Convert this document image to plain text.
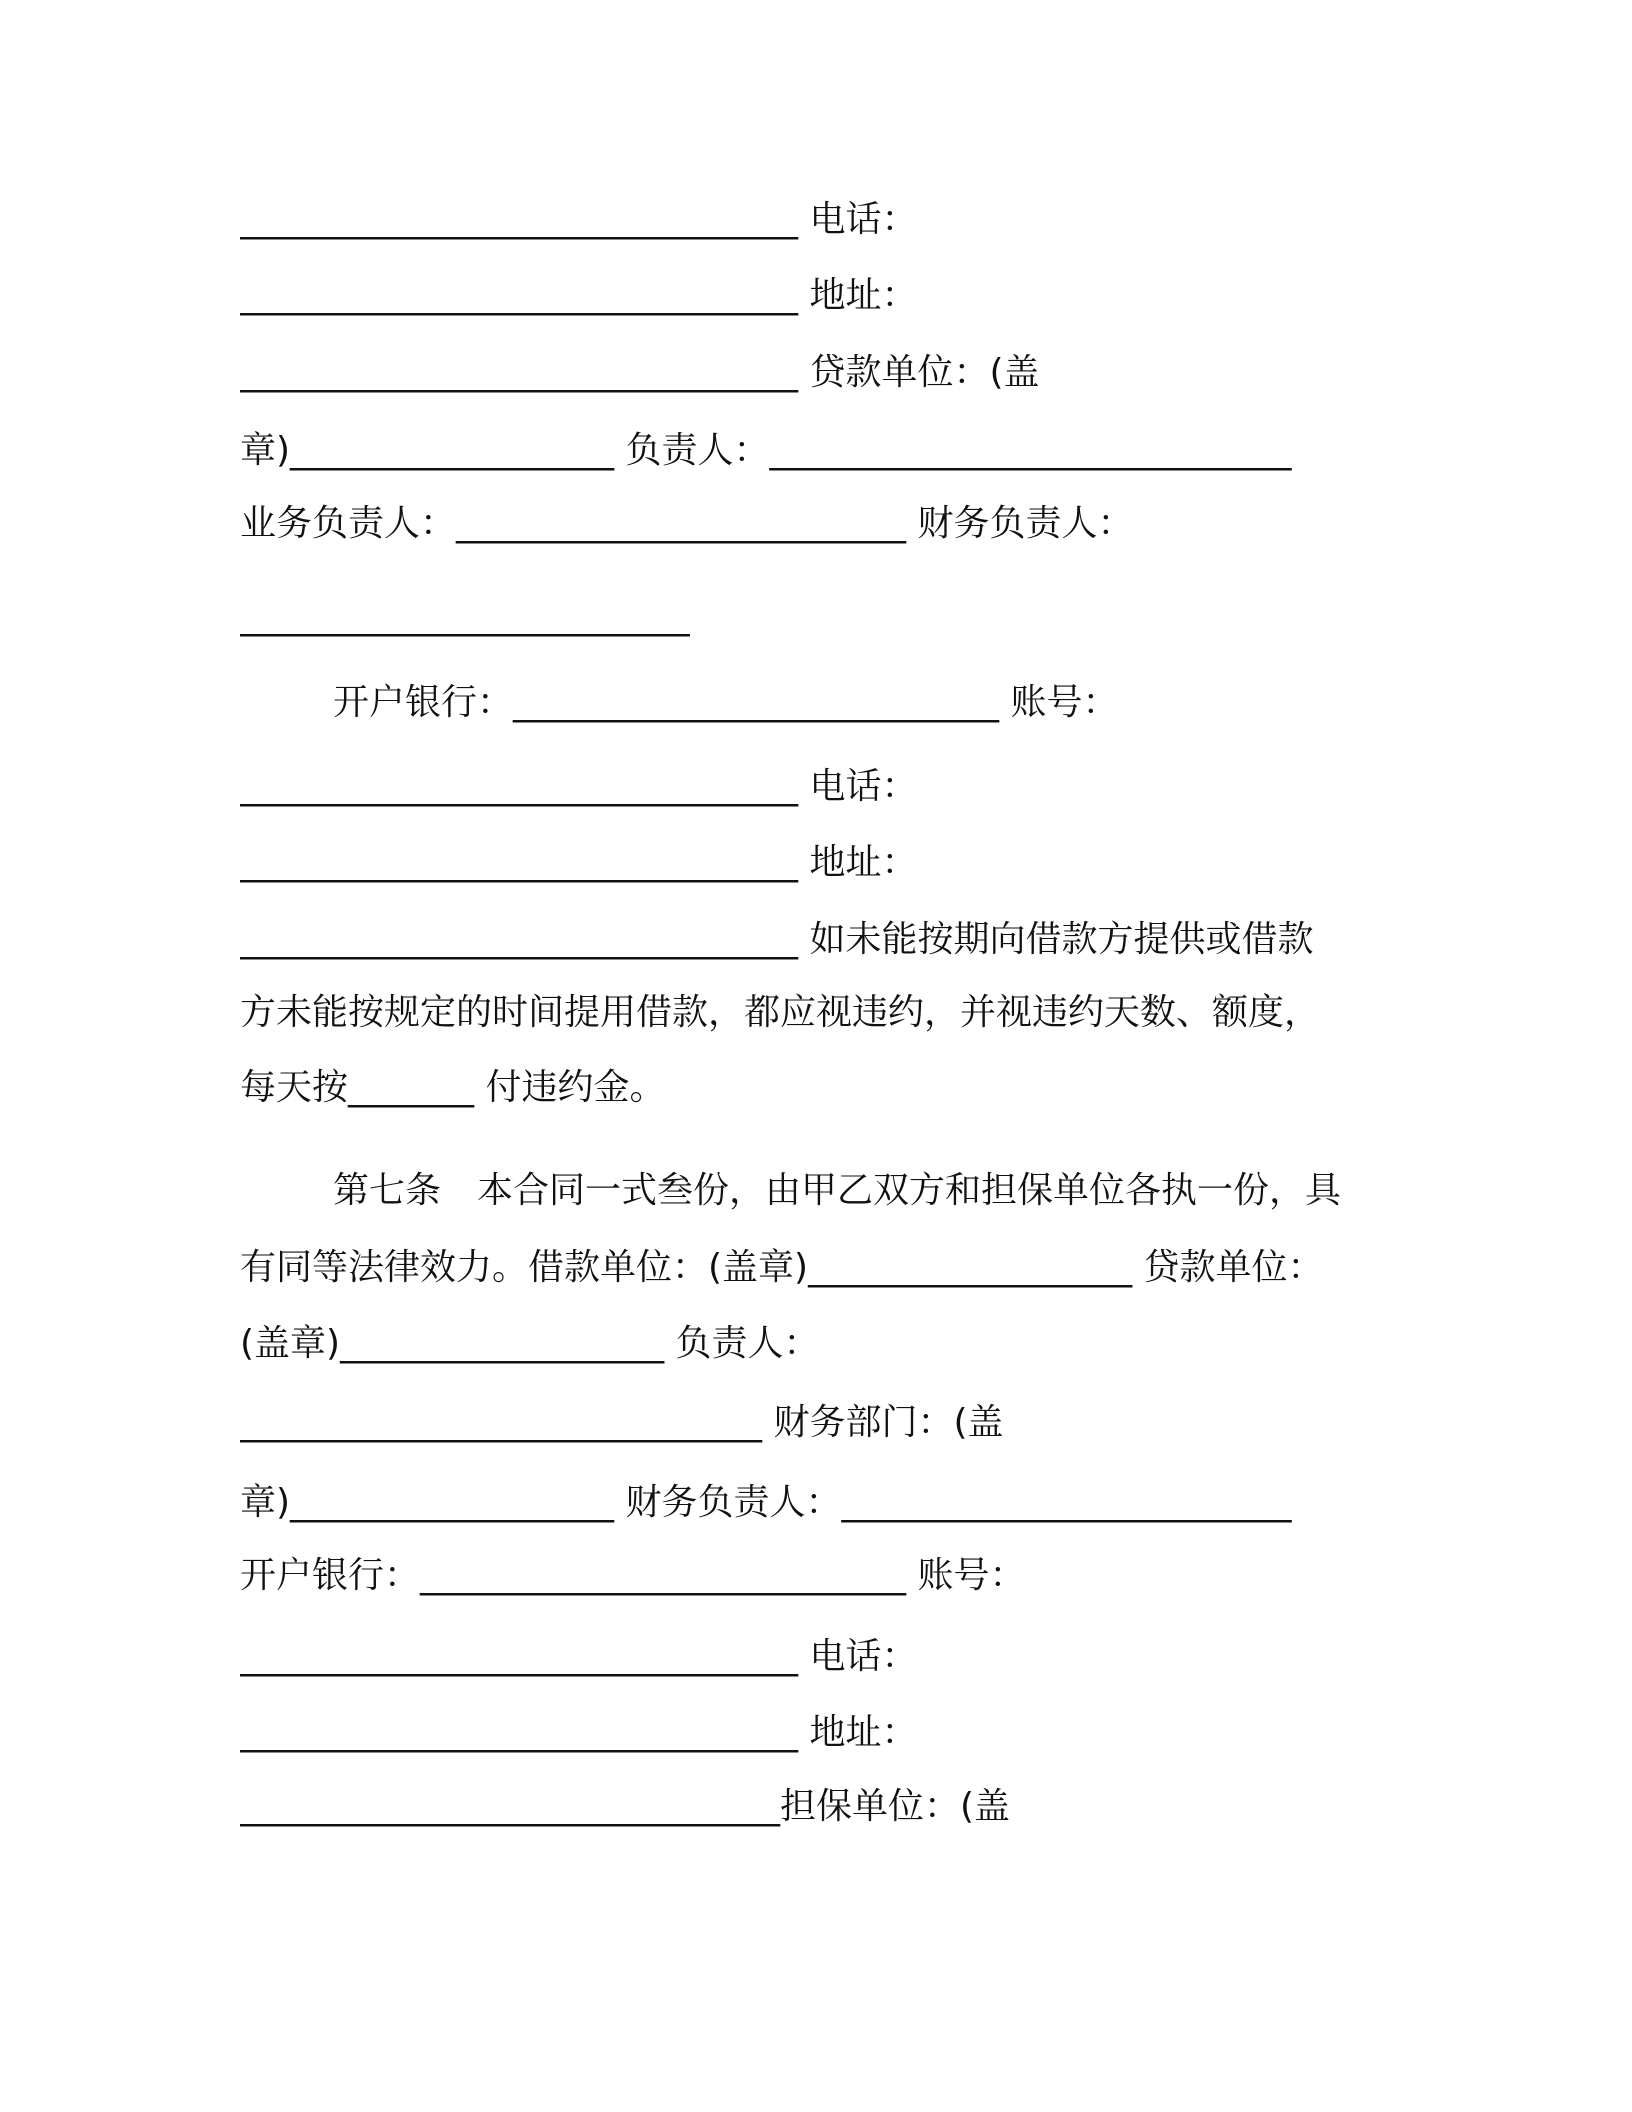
_______________________________ 电话：
_______________________________ 地址：
_______________________________ 贷款单位：(盖
章)__________________ 负责人：_____________________________
业务负责人：_________________________ 财务负责人：
_________________________
开户银行：___________________________ 账号：
_______________________________ 电话：
_______________________________ 地址：
_______________________________ 如未能按期向借款方提供或借款
方未能按规定的时间提用借款，都应视违约，并视违约天数、额度，
每天按_______ 付违约金。
第七条　本合同一式叁份，由甲乙双方和担保单位各执一份，具
有同等法律效力。借款单位：(盖章)__________________ 贷款单位：
(盖章)__________________ 负责人：
_____________________________ 财务部门：(盖
章)__________________ 财务负责人：_________________________
开户银行：___________________________ 账号：
_______________________________ 电话：
_______________________________ 地址：
______________________________担保单位：(盖
